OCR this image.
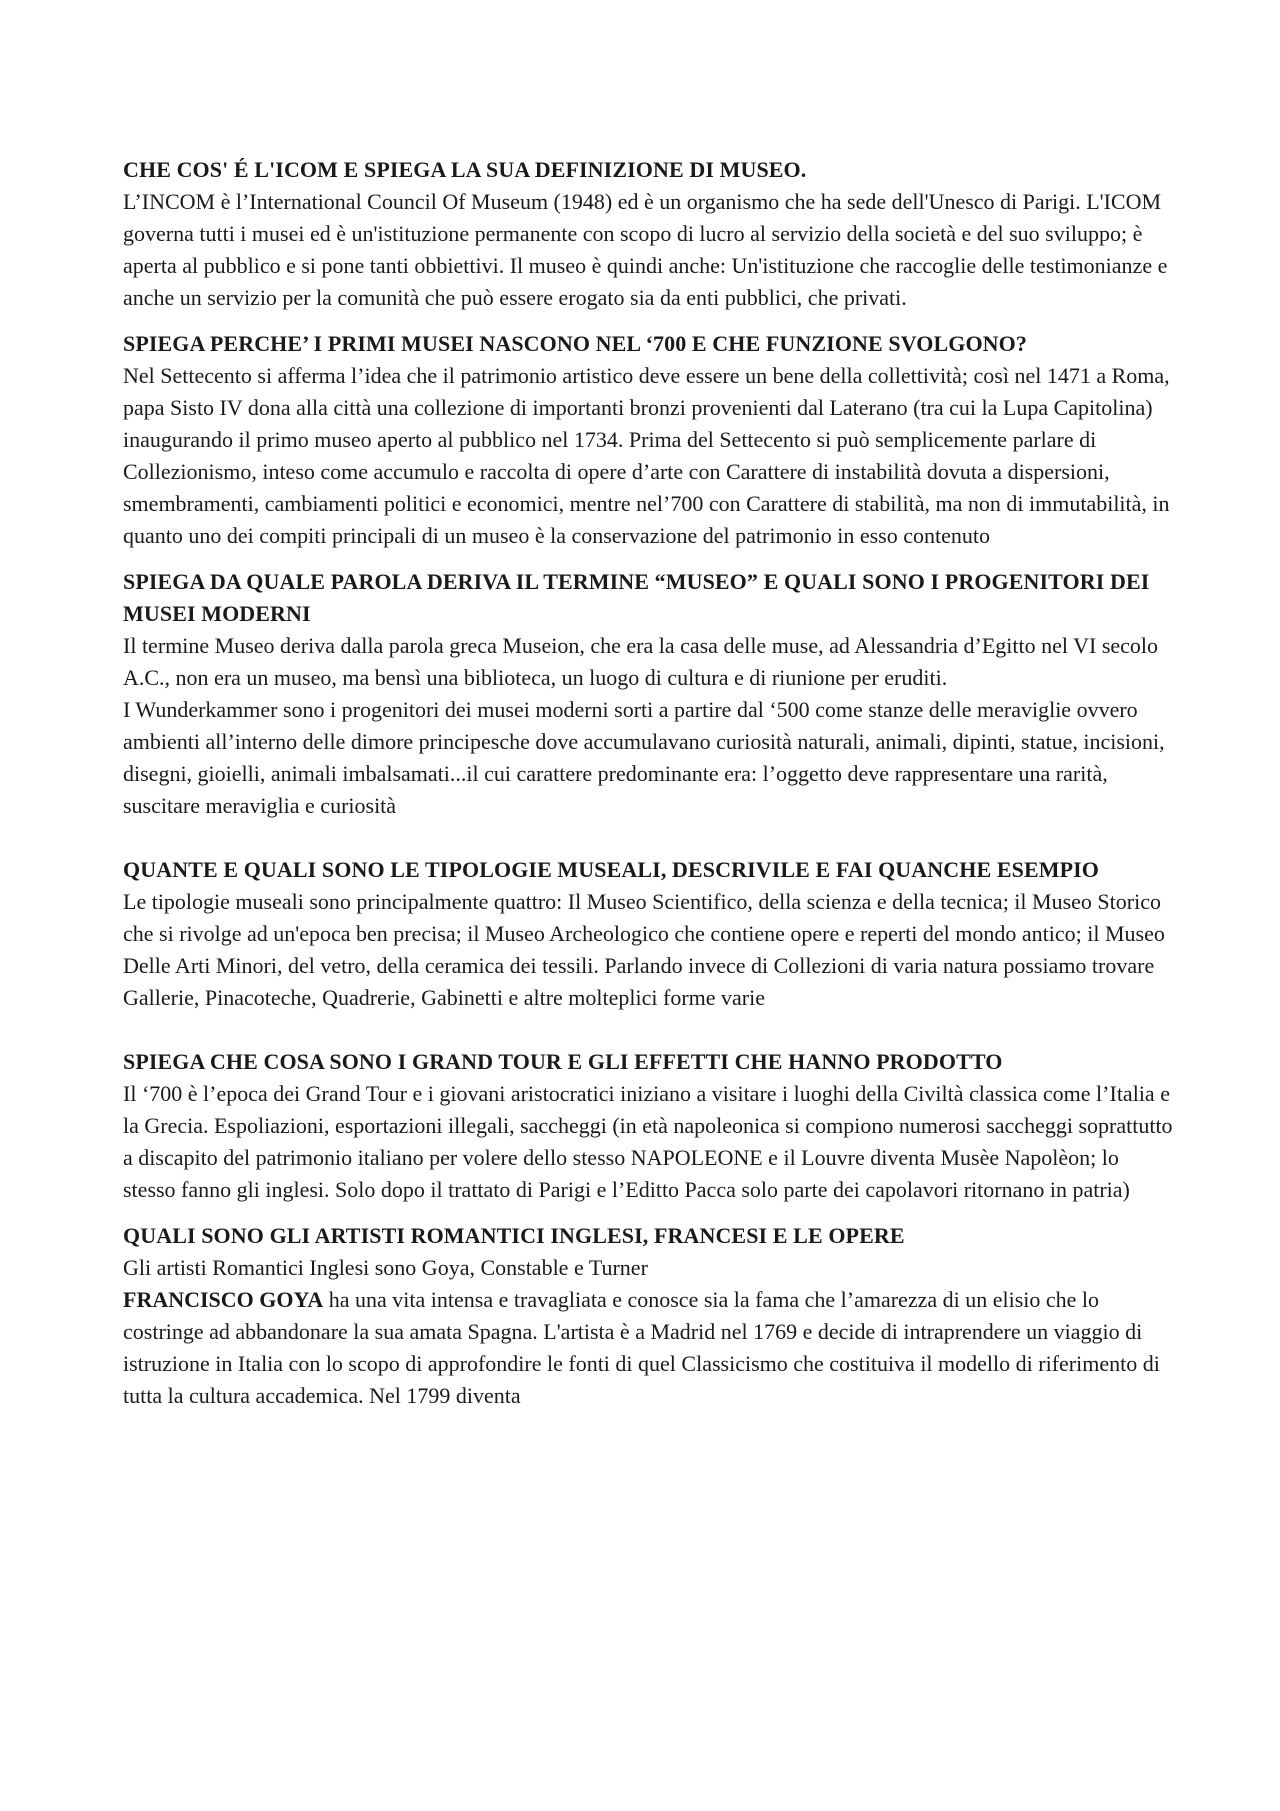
CHE COS' É L'ICOM E SPIEGA LA SUA DEFINIZIONE DI MUSEO.

L’INCOM è l’International Council Of Museum (1948) ed è un organismo che ha sede dell'Unesco di Parigi. L'ICOM governa tutti i musei ed è un'istituzione permanente con scopo di lucro al servizio della società e del suo sviluppo; è aperta al pubblico e si pone tanti obbiettivi. Il museo è quindi anche: Un'istituzione che raccoglie delle testimonianze e anche un servizio per la comunità che può essere erogato sia da enti pubblici, che privati.

SPIEGA PERCHE’ I PRIMI MUSEI NASCONO NEL ‘700 E CHE FUNZIONE SVOLGONO?

Nel Settecento si afferma l’idea che il patrimonio artistico deve essere un bene della collettività; così nel 1471 a Roma, papa Sisto IV dona alla città una collezione di importanti bronzi provenienti dal Laterano (tra cui la Lupa Capitolina) inaugurando il primo museo aperto al pubblico nel 1734. Prima del Settecento si può semplicemente parlare di Collezionismo, inteso come accumulo e raccolta di opere d’arte con Carattere di instabilità dovuta a dispersioni, smembramenti, cambiamenti politici e economici, mentre nel’700 con Carattere di stabilità, ma non di immutabilità, in quanto uno dei compiti principali di un museo è la conservazione del patrimonio in esso contenuto

SPIEGA DA QUALE PAROLA DERIVA IL TERMINE “MUSEO” E QUALI SONO I PROGENITORI DEI MUSEI MODERNI

Il termine Museo deriva dalla parola greca Museion, che era la casa delle muse, ad Alessandria d’Egitto nel VI secolo A.C., non era un museo, ma bensì una biblioteca, un luogo di cultura e di riunione per eruditi.

I Wunderkammer sono i progenitori dei musei moderni sorti a partire dal ‘500 come stanze delle meraviglie ovvero ambienti all’interno delle dimore principesche dove accumulavano curiosità naturali, animali, dipinti, statue, incisioni, disegni, gioielli, animali imbalsamati...il cui carattere predominante era: l’oggetto deve rappresentare una rarità, suscitare meraviglia e curiosità

QUANTE E QUALI SONO LE TIPOLOGIE MUSEALI, DESCRIVILE E FAI QUANCHE ESEMPIO

Le tipologie museali sono principalmente quattro: Il Museo Scientifico, della scienza e della tecnica; il Museo Storico che si rivolge ad un'epoca ben precisa; il Museo Archeologico che contiene opere e reperti del mondo antico; il Museo Delle Arti Minori, del vetro, della ceramica dei tessili. Parlando invece di Collezioni di varia natura possiamo trovare Gallerie, Pinacoteche, Quadrerie, Gabinetti e altre molteplici forme varie

SPIEGA CHE COSA SONO I GRAND TOUR E GLI EFFETTI CHE HANNO PRODOTTO

Il ‘700 è l’epoca dei Grand Tour e i giovani aristocratici iniziano a visitare i luoghi della Civiltà classica come l’Italia e la Grecia. Espoliazioni, esportazioni illegali, saccheggi (in età napoleonica si compiono numerosi saccheggi soprattutto a discapito del patrimonio italiano per volere dello stesso NAPOLEONE e il Louvre diventa Musèe Napolèon; lo stesso fanno gli inglesi. Solo dopo il trattato di Parigi e l’Editto Pacca solo parte dei capolavori ritornano in patria)

QUALI SONO GLI ARTISTI ROMANTICI INGLESI, FRANCESI E LE OPERE

Gli artisti Romantici Inglesi sono Goya, Constable e Turner

FRANCISCO GOYA ha una vita intensa e travagliata e conosce sia la fama che l’amarezza di un elisio che lo costringe ad abbandonare la sua amata Spagna. L'artista è a Madrid nel 1769 e decide di intraprendere un viaggio di istruzione in Italia con lo scopo di approfondire le fonti di quel Classicismo che costituiva il modello di riferimento di tutta la cultura accademica. Nel 1799 diventa
